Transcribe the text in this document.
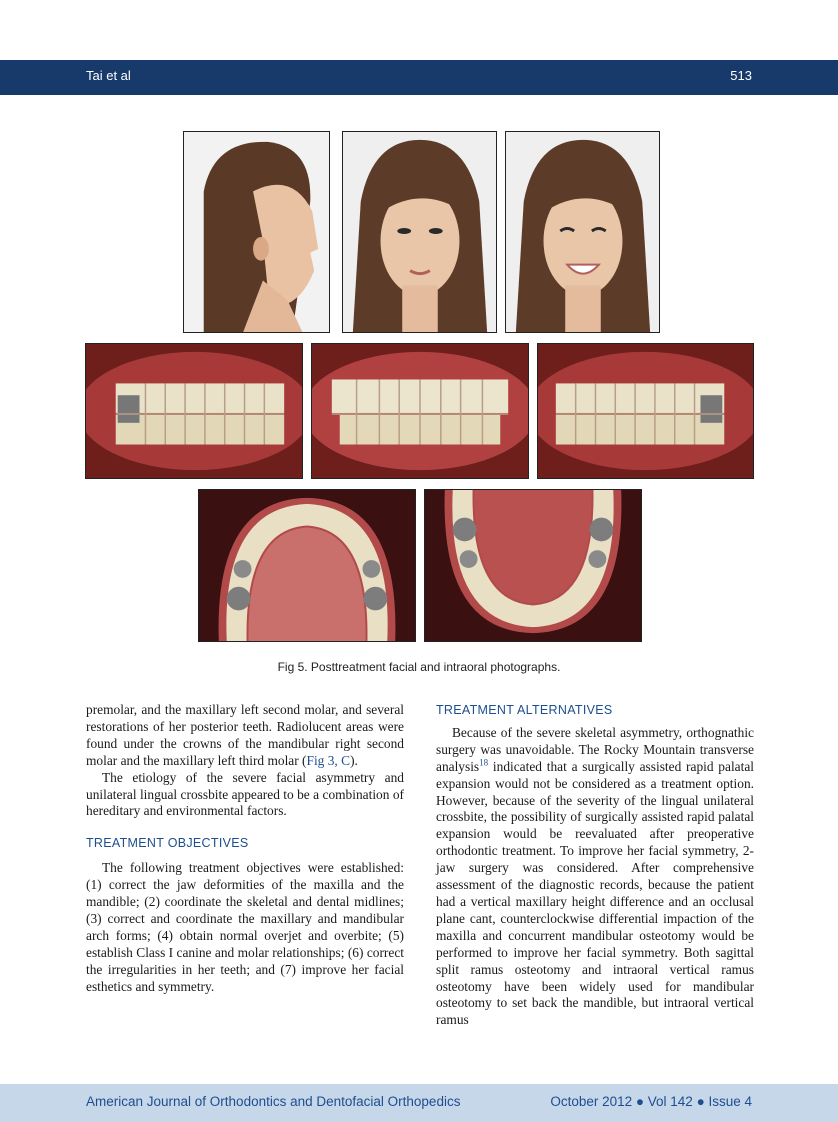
Tai et al	513
Fig 5. Posttreatment facial and intraoral photographs.

premolar, and the maxillary left second molar, and several restorations of her posterior teeth. Radiolucent areas were found under the crowns of the mandibular right second molar and the maxillary left third molar (Fig 3, C).

The etiology of the severe facial asymmetry and unilateral lingual crossbite appeared to be a combination of hereditary and environmental factors.

TREATMENT OBJECTIVES

The following treatment objectives were established: (1) correct the jaw deformities of the maxilla and the mandible; (2) coordinate the skeletal and dental midlines; (3) correct and coordinate the maxillary and mandibular arch forms; (4) obtain normal overjet and overbite; (5) establish Class I canine and molar relationships; (6) correct the irregularities in her teeth; and (7) improve her facial esthetics and symmetry.

TREATMENT ALTERNATIVES

Because of the severe skeletal asymmetry, orthognathic surgery was unavoidable. The Rocky Mountain transverse analysis$^{18}$ indicated that a surgically assisted rapid palatal expansion would not be considered as a treatment option. However, because of the severity of the lingual unilateral crossbite, the possibility of surgically assisted rapid palatal expansion would be reevaluated after preoperative orthodontic treatment. To improve her facial symmetry, 2-jaw surgery was considered. After comprehensive assessment of the diagnostic records, because the patient had a vertical maxillary height difference and an occlusal plane cant, counterclockwise differential impaction of the maxilla and concurrent mandibular osteotomy would be performed to improve her facial symmetry. Both sagittal split ramus osteotomy and intraoral vertical ramus osteotomy have been widely used for mandibular osteotomy to set back the mandible, but intraoral vertical ramus

American Journal of Orthodontics and Dentofacial Orthopedics	October 2012 ● Vol 142 ● Issue 4
